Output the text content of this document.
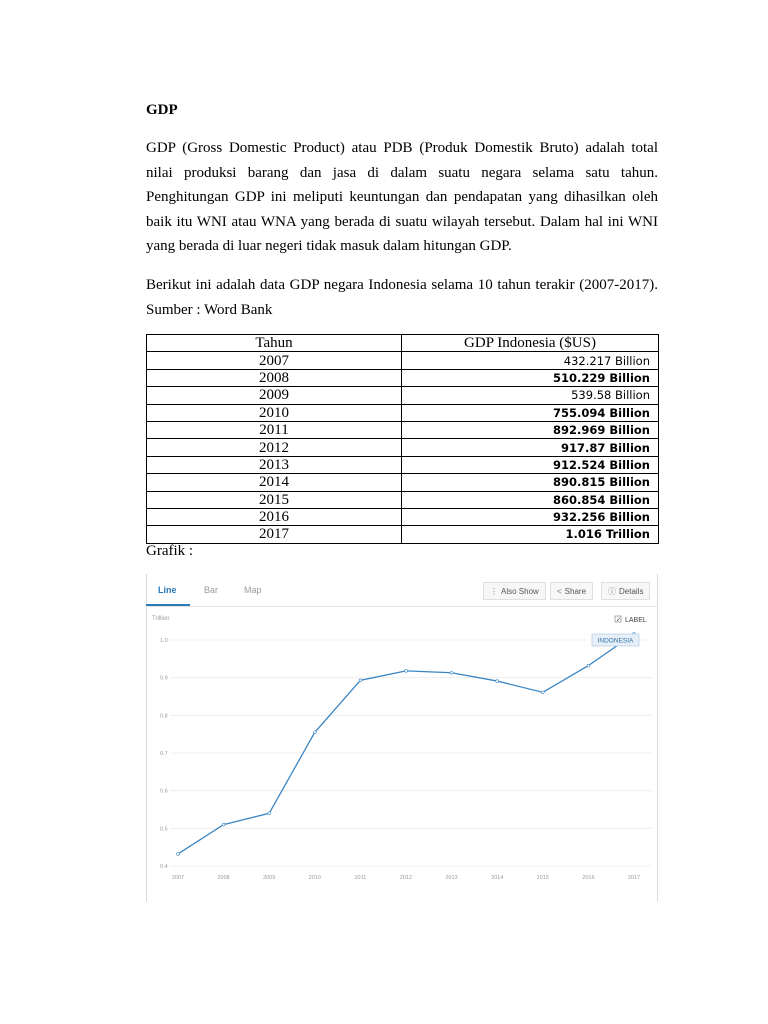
GDP

GDP (Gross Domestic Product) atau PDB (Produk Domestik Bruto) adalah total nilai produksi barang dan jasa di dalam suatu negara selama satu tahun. Penghitungan GDP ini meliputi keuntungan dan pendapatan yang dihasilkan oleh baik itu WNI atau WNA yang berada di suatu wilayah tersebut. Dalam hal ini WNI yang berada di luar negeri tidak masuk dalam hitungan GDP.

Berikut ini adalah data GDP negara Indonesia selama 10 tahun terakir (2007-2017). Sumber : Word Bank

Tahun	GDP Indonesia ($US)
2007	432.217 Billion
2008	510.229 Billion
2009	539.58 Billion
2010	755.094 Billion
2011	892.969 Billion
2012	917.87 Billion
2013	912.524 Billion
2014	890.815 Billion
2015	860.854 Billion
2016	932.256 Billion
2017	1.016 Trillion
Grafik :
Line	Bar	Map	⋮ Also Show	< Share	ⓘ Details
1.0
0.9
0.8
0.7
0.6
0.5
0.4
2007	2008	2009	2010	2011	2012	2013	2014	2015	2016	2017
Trillion	✓ LABEL
INDONESIA
